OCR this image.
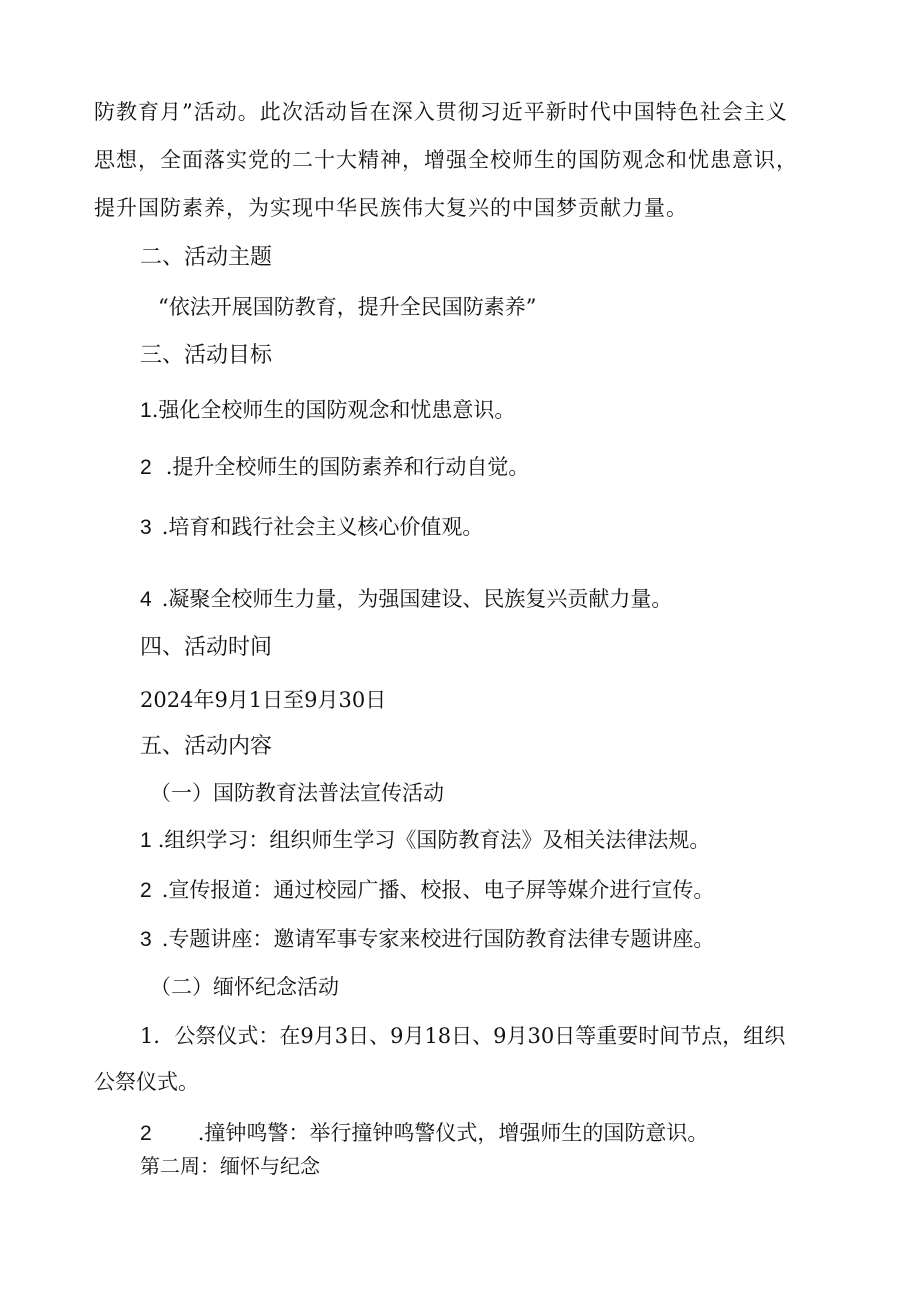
防教育月”活动。此次活动旨在深入贯彻习近平新时代中国特色社会主义
思想，全面落实党的二十大精神，增强全校师生的国防观念和忧患意识，
提升国防素养，为实现中华民族伟大复兴的中国梦贡献力量。
二、活动主题
“依法开展国防教育，提升全民国防素养”
三、活动目标
1.强化全校师生的国防观念和忧患意识。
2 .提升全校师生的国防素养和行动自觉。
3 .培育和践行社会主义核心价值观。
4 .凝聚全校师生力量，为强国建设、民族复兴贡献力量。
四、活动时间
2024年9月1日至9月30日
五、活动内容
（一）国防教育法普法宣传活动
1 .组织学习：组织师生学习《国防教育法》及相关法律法规。
2 .宣传报道：通过校园广播、校报、电子屏等媒介进行宣传。
3 .专题讲座：邀请军事专家来校进行国防教育法律专题讲座。
（二）缅怀纪念活动
1．公祭仪式：在9月3日、9月18日、9月30日等重要时间节点，组织
公祭仪式。
2 .撞钟鸣警：举行撞钟鸣警仪式，增强师生的国防意识。
第二周：缅怀与纪念
